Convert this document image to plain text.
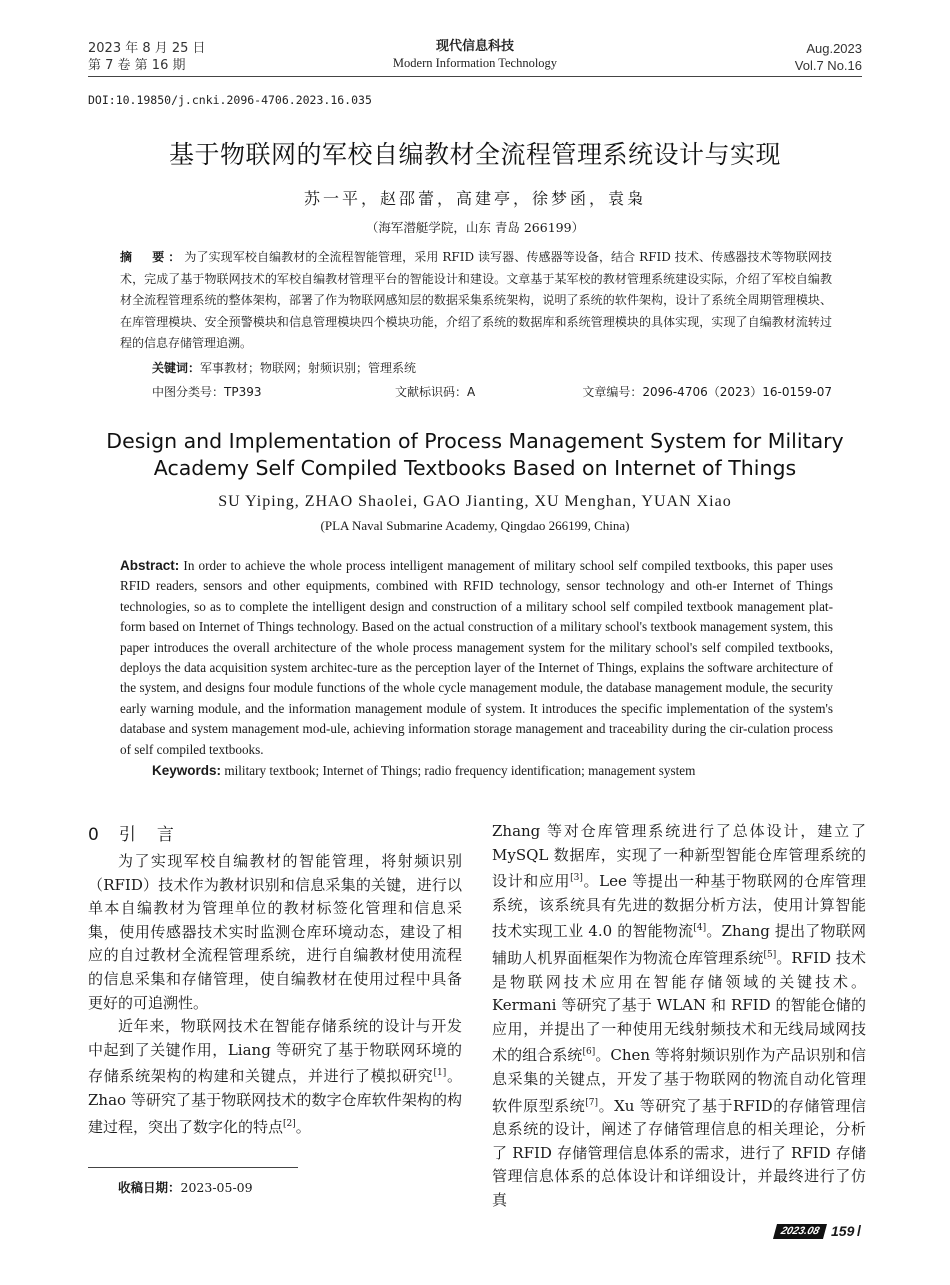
2023 年 8 月 25 日
第 7 卷 第 16 期
现代信息科技
Modern Information Technology
Aug.2023
Vol.7 No.16
DOI:10.19850/j.cnki.2096-4706.2023.16.035
基于物联网的军校自编教材全流程管理系统设计与实现
苏一平，赵邵蕾，高建亭，徐梦函，袁枭
（海军潜艇学院，山东 青岛 266199）
摘　要：为了实现军校自编教材的全流程智能管理，采用 RFID 读写器、传感器等设备，结合 RFID 技术、传感器技术等物联网技术，完成了基于物联网技术的军校自编教材管理平台的智能设计和建设。文章基于某军校的教材管理系统建设实际，介绍了军校自编教材全流程管理系统的整体架构，部署了作为物联网感知层的数据采集系统架构，说明了系统的软件架构，设计了系统全周期管理模块、在库管理模块、安全预警模块和信息管理模块四个模块功能，介绍了系统的数据库和系统管理模块的具体实现，实现了自编教材流转过程的信息存储管理追溯。
关键词：军事教材；物联网；射频识别；管理系统
中图分类号：TP393	文献标识码：A	文章编号：2096-4706（2023）16-0159-07
Design and Implementation of Process Management System for Military Academy Self Compiled Textbooks Based on Internet of Things
SU Yiping, ZHAO Shaolei, GAO Jianting, XU Menghan, YUAN Xiao
(PLA Naval Submarine Academy, Qingdao 266199, China)
Abstract: In order to achieve the whole process intelligent management of military school self compiled textbooks, this paper uses RFID readers, sensors and other equipments, combined with RFID technology, sensor technology and oth-er Internet of Things technologies, so as to complete the intelligent design and construction of a military school self compiled textbook management plat-form based on Internet of Things technology. Based on the actual construction of a military school's textbook management system, this paper introduces the overall architecture of the whole process management system for the military school's self compiled textbooks, deploys the data acquisition system architec-ture as the perception layer of the Internet of Things, explains the software architecture of the system, and designs four module functions of the whole cycle management module, the database management module, the security early warning module, and the information management module of system. It introduces the specific implementation of the system's database and system management mod-ule, achieving information storage management and traceability during the cir-culation process of self compiled textbooks.
Keywords: military textbook; Internet of Things; radio frequency identification; management system
0 引　言

为了实现军校自编教材的智能管理，将射频识别（RFID）技术作为教材识别和信息采集的关键，进行以单本自编教材为管理单位的教材标签化管理和信息采集，使用传感器技术实时监测仓库环境动态，建设了相应的自过教材全流程管理系统，进行自编教材使用流程的信息采集和存储管理，使自编教材在使用过程中具备更好的可追溯性。

近年来，物联网技术在智能存储系统的设计与开发中起到了关键作用，Liang 等研究了基于物联网环境的存储系统架构的构建和关键点，并进行了模拟研究[1]。Zhao 等研究了基于物联网技术的数字仓库软件架构的构建过程，突出了数字化的特点[2]。

Zhang 等对仓库管理系统进行了总体设计，建立了 MySQL 数据库，实现了一种新型智能仓库管理系统的设计和应用[3]。Lee 等提出一种基于物联网的仓库管理系统，该系统具有先进的数据分析方法，使用计算智能技术实现工业 4.0 的智能物流[4]。Zhang 提出了物联网辅助人机界面框架作为物流仓库管理系统[5]。RFID 技术是物联网技术应用在智能存储领域的关键技术。Kermani 等研究了基于 WLAN 和 RFID 的智能仓储的应用，并提出了一种使用无线射频技术和无线局域网技术的组合系统[6]。Chen 等将射频识别作为产品识别和信息采集的关键点，开发了基于物联网的物流自动化管理软件原型系统[7]。Xu 等研究了基于RFID的存储管理信息系统的设计，阐述了存储管理信息的相关理论，分析了 RFID 存储管理信息体系的需求，进行了 RFID 存储管理信息体系的总体设计和详细设计，并最终进行了仿真

收稿日期：2023-05-09
2023.08 159 /
